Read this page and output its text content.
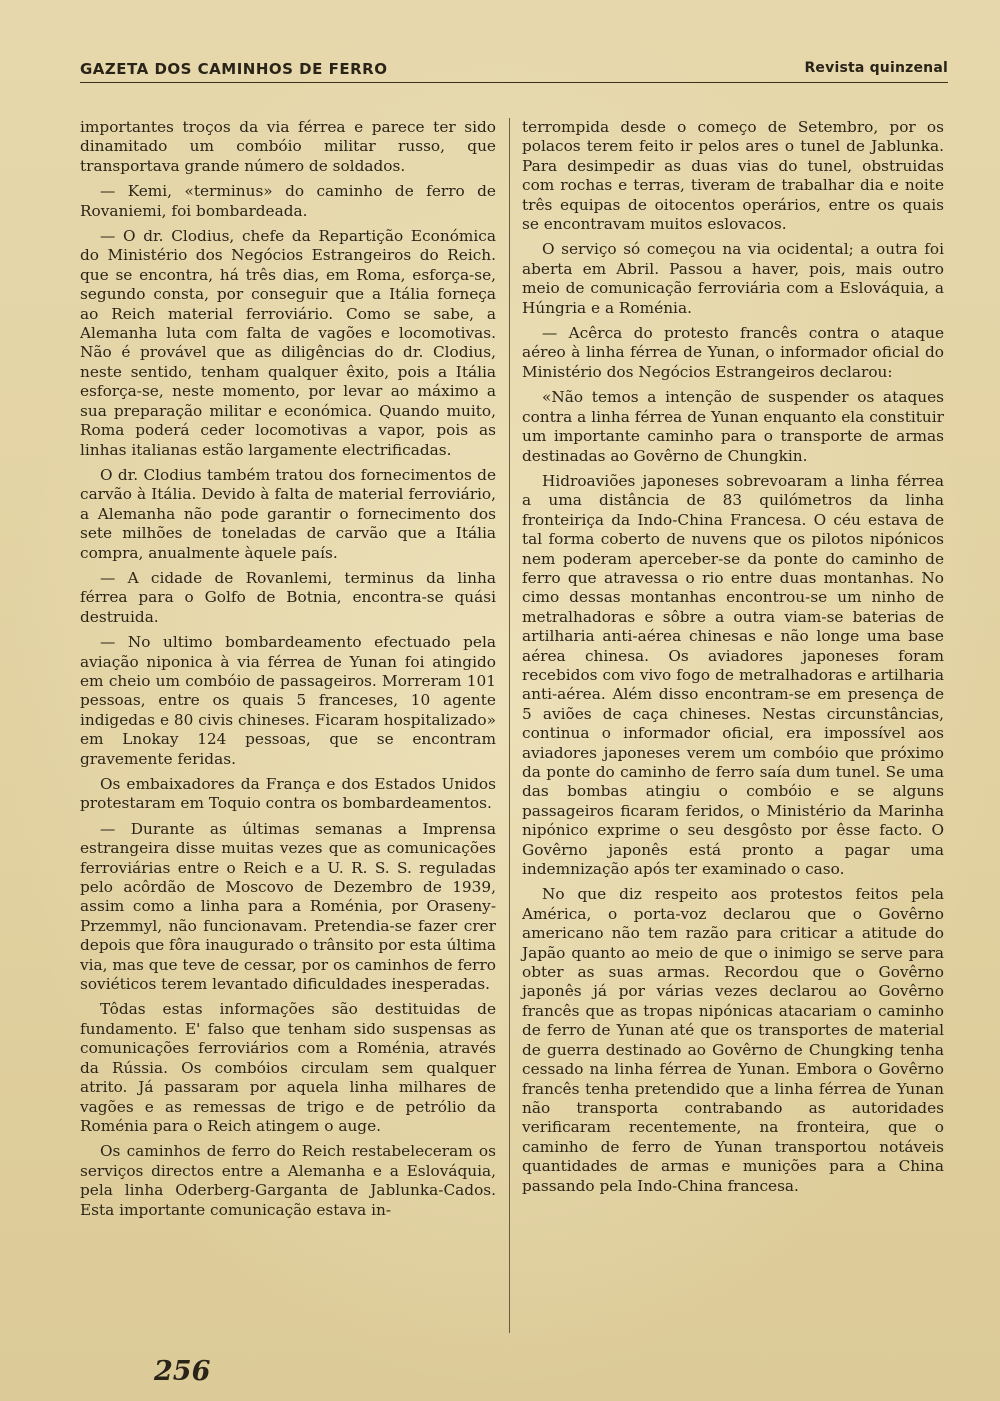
GAZETA DOS CAMINHOS DE FERRO	Revista quinzenal

importantes troços da via férrea e parece ter sido dinamitado um combóio militar russo, que transportava grande número de soldados.

— Kemi, «terminus» do caminho de ferro de Rovaniemi, foi bombardeada.

— O dr. Clodius, chefe da Repartição Económica do Ministério dos Negócios Estrangeiros do Reich. que se encontra, há três dias, em Roma, esforça-se, segundo consta, por conseguir que a Itália forneça ao Reich material ferroviário. Como se sabe, a Alemanha luta com falta de vagões e locomotivas. Não é provável que as diligências do dr. Clodius, neste sentido, tenham qualquer êxito, pois a Itália esforça-se, neste momento, por levar ao máximo a sua preparação militar e económica. Quando muito, Roma poderá ceder locomotivas a vapor, pois as linhas italianas estão largamente electrificadas.

O dr. Clodius também tratou dos fornecimentos de carvão à Itália. Devido à falta de material ferroviário, a Alemanha não pode garantir o fornecimento dos sete milhões de toneladas de carvão que a Itália compra, anualmente àquele país.

— A cidade de Rovanlemi, terminus da linha férrea para o Golfo de Botnia, encontra-se quási destruida.

— No ultimo bombardeamento efectuado pela aviação niponica à via férrea de Yunan foi atingido em cheio um combóio de passageiros. Morreram 101 pessoas, entre os quais 5 franceses, 10 agente indigedas e 80 civis chineses. Ficaram hospitalizado» em Lnokay 124 pessoas, que se encontram gravemente feridas.

Os embaixadores da França e dos Estados Unidos protestaram em Toquio contra os bombardeamentos.

— Durante as últimas semanas a Imprensa estrangeira disse muitas vezes que as comunicações ferroviárias entre o Reich e a U. R. S. S. reguladas pelo acôrdão de Moscovo de Dezembro de 1939, assim como a linha para a Roménia, por Oraseny-Przemmyl, não funcionavam. Pretendia-se fazer crer depois que fôra inaugurado o trânsito por esta última via, mas que teve de cessar, por os caminhos de ferro soviéticos terem levantado dificuldades inesperadas.

Tôdas estas informações são destituidas de fundamento. E' falso que tenham sido suspensas as comunicações ferroviários com a Roménia, através da Rússia. Os combóios circulam sem qualquer atrito. Já passaram por aquela linha milhares de vagões e as remessas de trigo e de petrólio da Roménia para o Reich atingem o auge.

Os caminhos de ferro do Reich restabeleceram os serviços directos entre a Alemanha e a Eslováquia, pela linha Oderberg-Garganta de Jablunka-Cados. Esta importante comunicação estava in-

terrompida desde o começo de Setembro, por os polacos terem feito ir pelos ares o tunel de Jablunka. Para desimpedir as duas vias do tunel, obstruidas com rochas e terras, tiveram de trabalhar dia e noite três equipas de oitocentos operários, entre os quais se encontravam muitos eslovacos.

O serviço só começou na via ocidental; a outra foi aberta em Abril. Passou a haver, pois, mais outro meio de comunicação ferroviária com a Eslováquia, a Húngria e a Roménia.

— Acêrca do protesto francês contra o ataque aéreo à linha férrea de Yunan, o informador oficial do Ministério dos Negócios Estrangeiros declarou:

«Não temos a intenção de suspender os ataques contra a linha férrea de Yunan enquanto ela constituir um importante caminho para o transporte de armas destinadas ao Govêrno de Chungkin.

Hidroaviões japoneses sobrevoaram a linha férrea a uma distância de 83 quilómetros da linha fronteiriça da Indo-China Francesa. O céu estava de tal forma coberto de nuvens que os pilotos nipónicos nem poderam aperceber-se da ponte do caminho de ferro que atravessa o rio entre duas montanhas. No cimo dessas montanhas encontrou-se um ninho de metralhadoras e sôbre a outra viam-se baterias de artilharia anti-aérea chinesas e não longe uma base aérea chinesa. Os aviadores japoneses foram recebidos com vivo fogo de metralhadoras e artilharia anti-aérea. Além disso encontram-se em presença de 5 aviões de caça chineses. Nestas circunstâncias, continua o informador oficial, era impossível aos aviadores japoneses verem um combóio que próximo da ponte do caminho de ferro saía dum tunel. Se uma das bombas atingiu o combóio e se alguns passageiros ficaram feridos, o Ministério da Marinha nipónico exprime o seu desgôsto por êsse facto. O Govêrno japonês está pronto a pagar uma indemnização após ter examinado o caso.

No que diz respeito aos protestos feitos pela América, o porta-voz declarou que o Govêrno americano não tem razão para criticar a atitude do Japão quanto ao meio de que o inimigo se serve para obter as suas armas. Recordou que o Govêrno japonês já por várias vezes declarou ao Govêrno francês que as tropas nipónicas atacariam o caminho de ferro de Yunan até que os transportes de material de guerra destinado ao Govêrno de Chungking tenha cessado na linha férrea de Yunan. Embora o Govêrno francês tenha pretendido que a linha férrea de Yunan não transporta contrabando as autoridades verificaram recentemente, na fronteira, que o caminho de ferro de Yunan transportou notáveis quantidades de armas e munições para a China passando pela Indo-China francesa.

256
